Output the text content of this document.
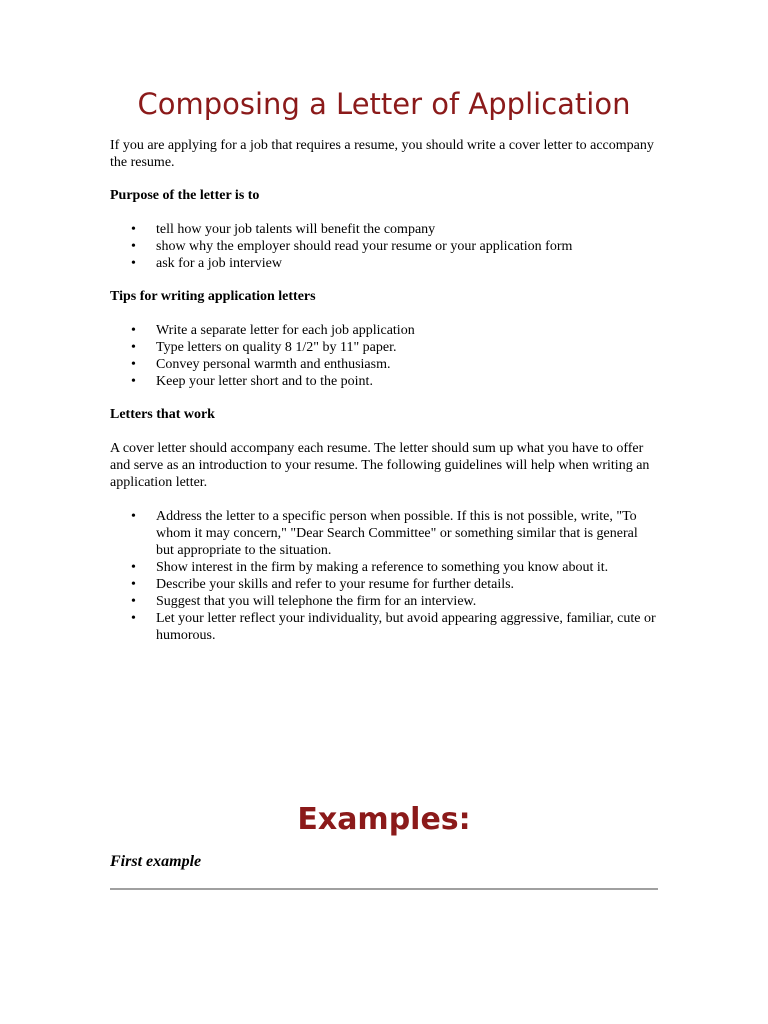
Composing a Letter of Application

If you are applying for a job that requires a resume, you should write a cover letter to accompany the resume.

Purpose of the letter is to

• tell how your job talents will benefit the company
• show why the employer should read your resume or your application form
• ask for a job interview

Tips for writing application letters

• Write a separate letter for each job application
• Type letters on quality 8 1/2" by 11" paper.
• Convey personal warmth and enthusiasm.
• Keep your letter short and to the point.

Letters that work

A cover letter should accompany each resume. The letter should sum up what you have to offer and serve as an introduction to your resume. The following guidelines will help when writing an application letter.

• Address the letter to a specific person when possible. If this is not possible, write, "To whom it may concern," "Dear Search Committee" or something similar that is general but appropriate to the situation.
• Show interest in the firm by making a reference to something you know about it.
• Describe your skills and refer to your resume for further details.
• Suggest that you will telephone the firm for an interview.
• Let your letter reflect your individuality, but avoid appearing aggressive, familiar, cute or humorous.
Examples:

First example
